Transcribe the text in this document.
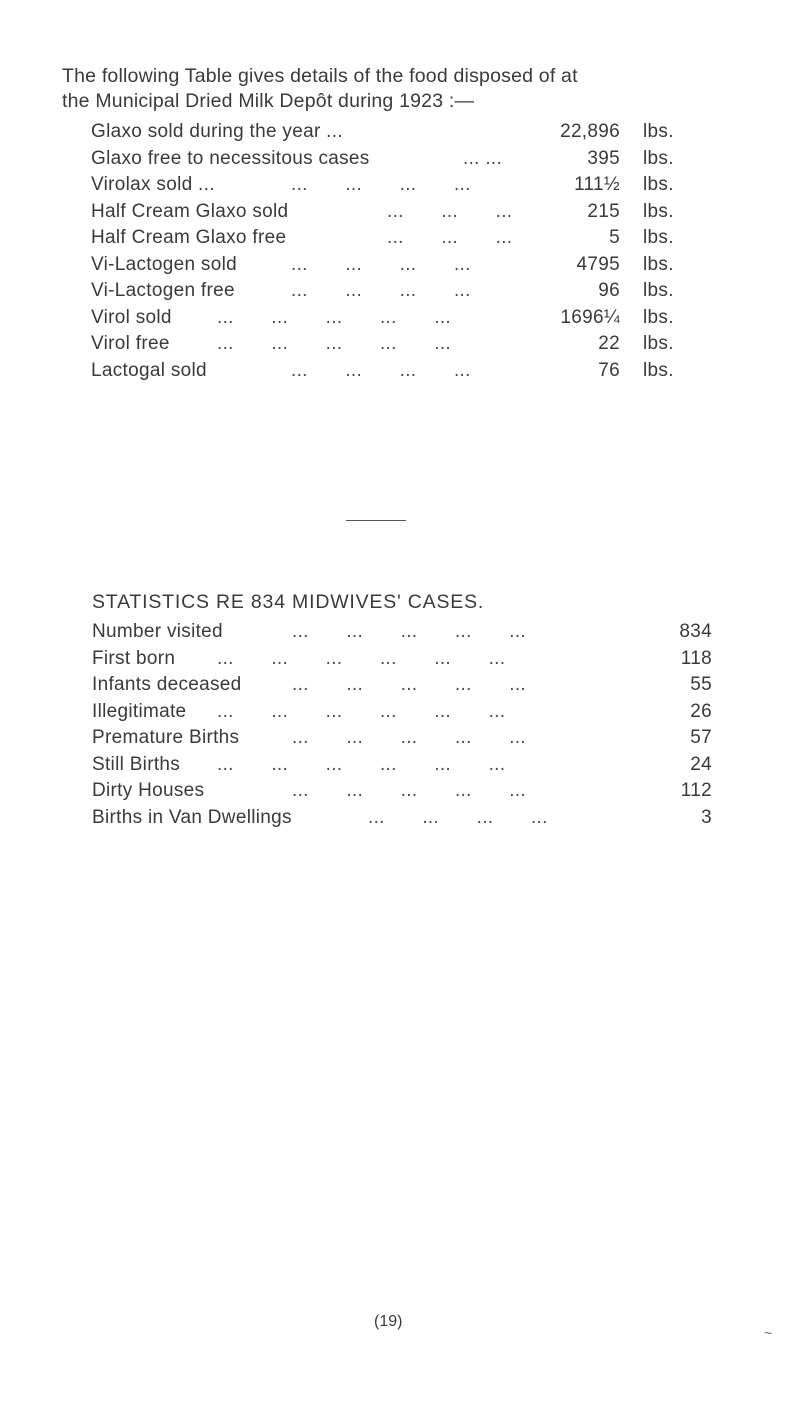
The following Table gives details of the food disposed of at
the Municipal Dried Milk Depôt during 1923 :—
Glaxo sold during the year ...	22,896 lbs.
Glaxo free to necessitous cases	... ...	395 lbs.
Virolax sold ...	... ... ... ...	111½ lbs.
Half Cream Glaxo sold	... ... ...	215 lbs.
Half Cream Glaxo free	... ... ...	5 lbs.
Vi-Lactogen sold	... ... ... ...	4795 lbs.
Vi-Lactogen free	... ... ... ...	96 lbs.
Virol sold ... ... ... ... ...	1696¼ lbs.
Virol free ... ... ... ... ...	22 lbs.
Lactogal sold	... ... ... ...	76 lbs.
STATISTICS RE 834 MIDWIVES' CASES.
Number visited	... ... ... ... ...	834
First born ... ... ... ... ... ...	118
Infants deceased	... ... ... ... ...	55
Illegitimate ... ... ... ... ... ...	26
Premature Births	... ... ... ... ...	57
Still Births ... ... ... ... ... ...	24
Dirty Houses	... ... ... ... ...	112
Births in Van Dwellings	... ... ... ...	3
(19)
~
